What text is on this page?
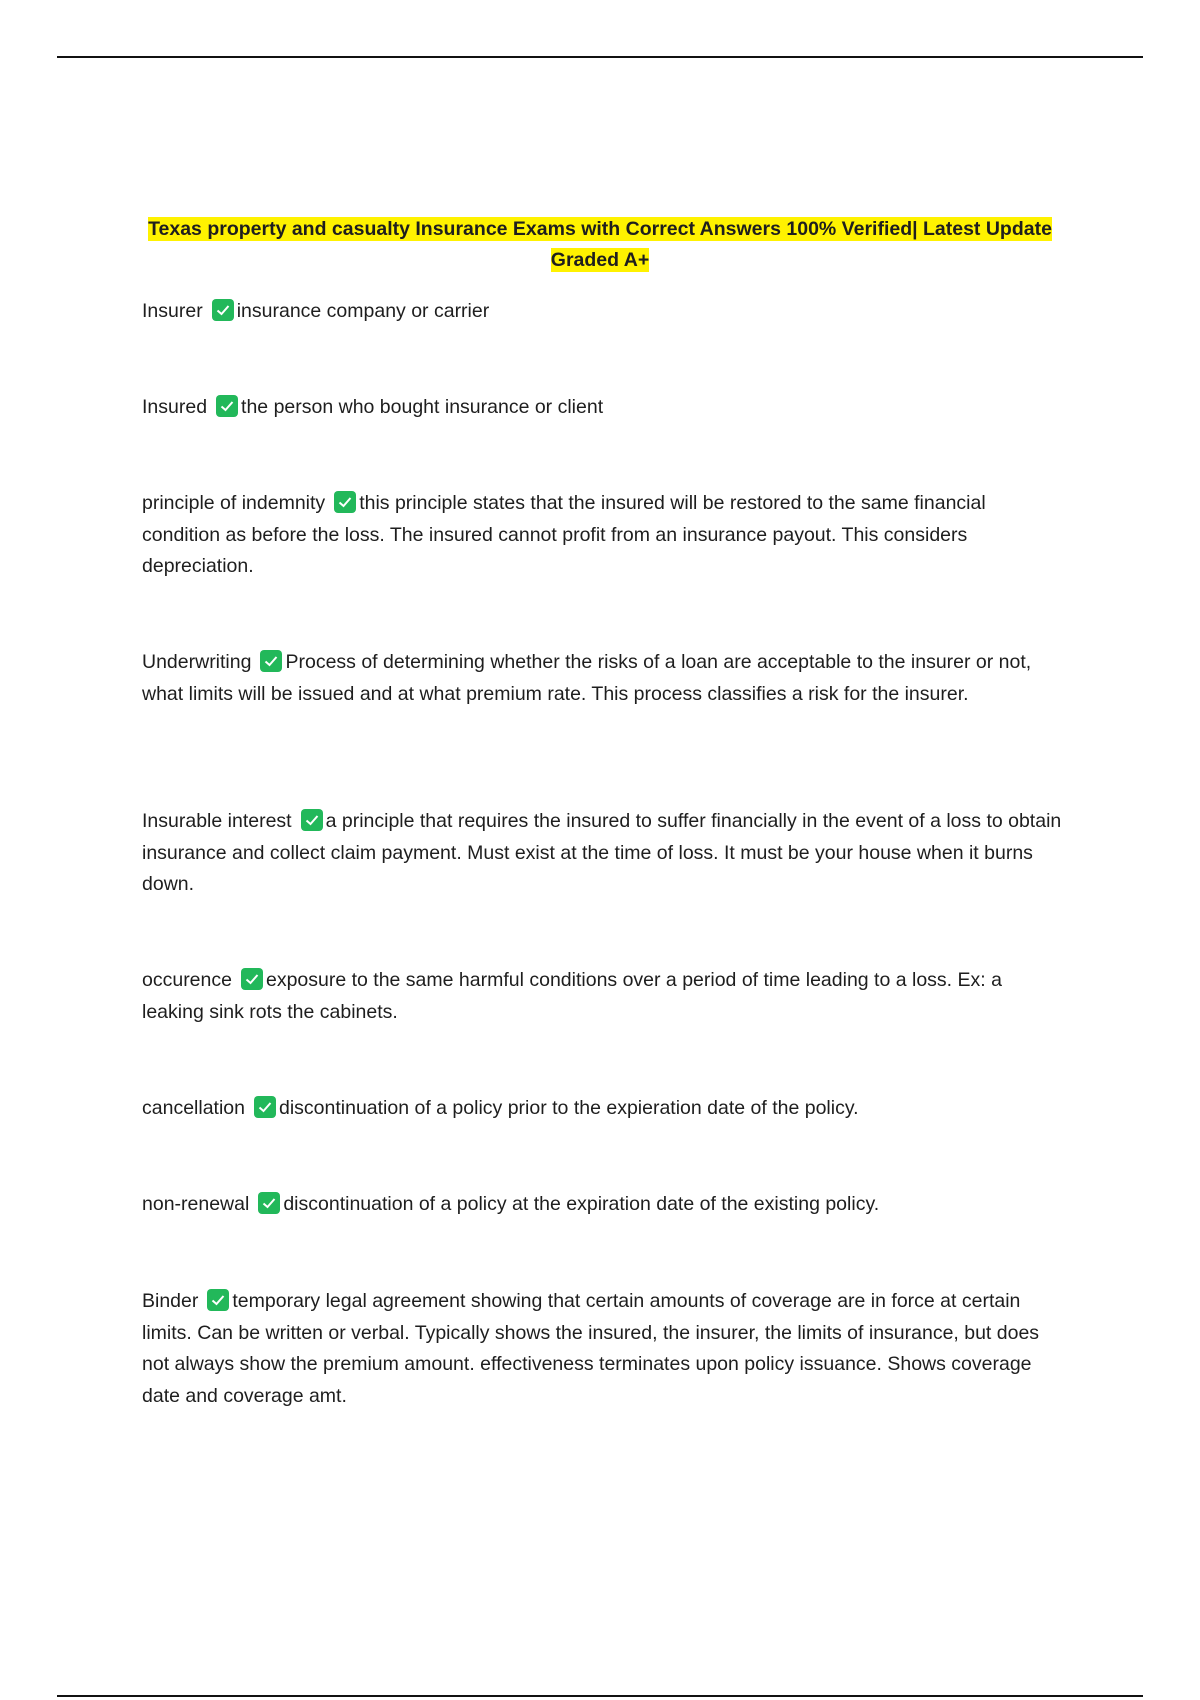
Texas property and casualty Insurance Exams with Correct Answers 100% Verified| Latest Update Graded A+

Insurer insurance company or carrier

Insured the person who bought insurance or client

principle of indemnity this principle states that the insured will be restored to the same financial condition as before the loss. The insured cannot profit from an insurance payout. This considers depreciation.

Underwriting Process of determining whether the risks of a loan are acceptable to the insurer or not, what limits will be issued and at what premium rate. This process classifies a risk for the insurer.

Insurable interest a principle that requires the insured to suffer financially in the event of a loss to obtain insurance and collect claim payment. Must exist at the time of loss. It must be your house when it burns down.

occurence exposure to the same harmful conditions over a period of time leading to a loss. Ex: a leaking sink rots the cabinets.

cancellation discontinuation of a policy prior to the expieration date of the policy.

non-renewal discontinuation of a policy at the expiration date of the existing policy.

Binder temporary legal agreement showing that certain amounts of coverage are in force at certain limits. Can be written or verbal. Typically shows the insured, the insurer, the limits of insurance, but does not always show the premium amount. effectiveness terminates upon policy issuance. Shows coverage date and coverage amt.
